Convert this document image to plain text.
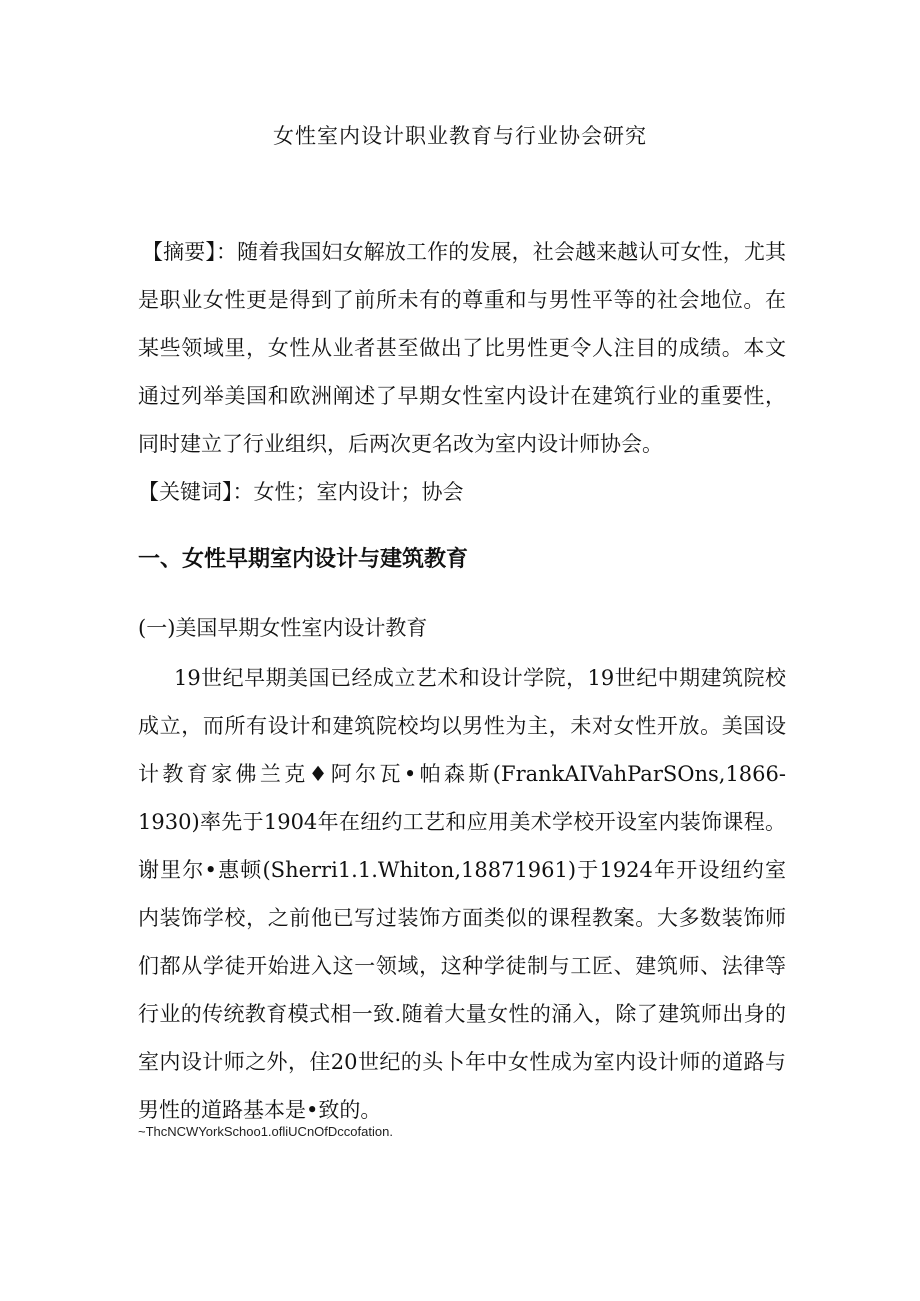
女性室内设计职业教育与行业协会研究

【摘要】：随着我国妇女解放工作的发展，社会越来越认可女性，尤其是职业女性更是得到了前所未有的尊重和与男性平等的社会地位。在某些领域里，女性从业者甚至做出了比男性更令人注目的成绩。本文通过列举美国和欧洲阐述了早期女性室内设计在建筑行业的重要性，同时建立了行业组织，后两次更名改为室内设计师协会。

【关键词】：女性；室内设计；协会

一、女性早期室内设计与建筑教育
(一)美国早期女性室内设计教育

19世纪早期美国已经成立艺术和设计学院，19世纪中期建筑院校成立，而所有设计和建筑院校均以男性为主，未对女性开放。美国设计教育家佛兰克♦阿尔瓦•帕森斯(FrankAIVahParSOns,1866-1930)率先于1904年在纽约工艺和应用美术学校开设室内装饰课程。谢里尔•惠顿(Sherri1.1.Whiton,18871961)于1924年开设纽约室内装饰学校，之前他已写过装饰方面类似的课程教案。大多数装饰师们都从学徒开始进入这一领域，这种学徒制与工匠、建筑师、法律等行业的传统教育模式相一致.随着大量女性的涌入，除了建筑师出身的室内设计师之外，住20世纪的头卜年中女性成为室内设计师的道路与男性的道路基本是•致的。

~ThcNCWYorkSchoo1.ofliUCnOfDccofation.
